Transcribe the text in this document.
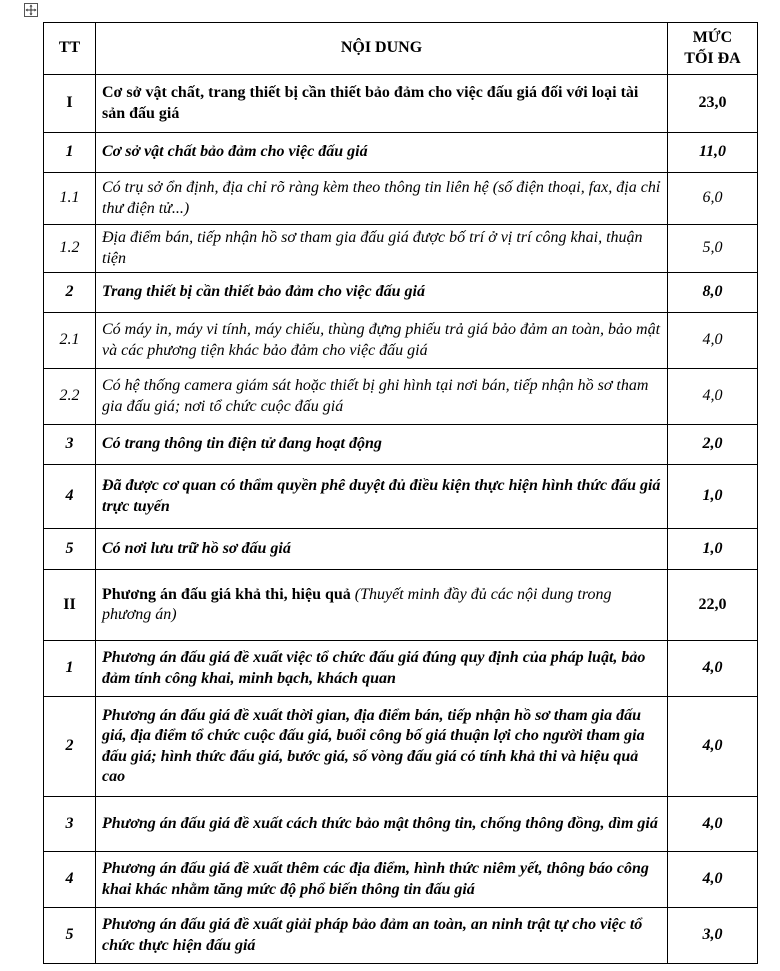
TT	NỘI DUNG	MỨC
TỐI ĐA

I	Cơ sở vật chất, trang thiết bị cần thiết bảo đảm cho việc đấu giá đối với loại tài sản đấu giá	23,0
1	Cơ sở vật chất bảo đảm cho việc đấu giá	11,0
1.1	Có trụ sở ổn định, địa chỉ rõ ràng kèm theo thông tin liên hệ (số điện thoại, fax, địa chỉ thư điện tử...)	6,0
1.2	Địa điểm bán, tiếp nhận hồ sơ tham gia đấu giá được bố trí ở vị trí công khai, thuận tiện	5,0
2	Trang thiết bị cần thiết bảo đảm cho việc đấu giá	8,0
2.1	Có máy in, máy vi tính, máy chiếu, thùng đựng phiếu trả giá bảo đảm an toàn, bảo mật và các phương tiện khác bảo đảm cho việc đấu giá	4,0
2.2	Có hệ thống camera giám sát hoặc thiết bị ghi hình tại nơi bán, tiếp nhận hồ sơ tham gia đấu giá; nơi tổ chức cuộc đấu giá	4,0
3	Có trang thông tin điện tử đang hoạt động	2,0
4	Đã được cơ quan có thẩm quyền phê duyệt đủ điều kiện thực hiện hình thức đấu giá trực tuyến	1,0
5	Có nơi lưu trữ hồ sơ đấu giá	1,0
II	Phương án đấu giá khả thi, hiệu quả (Thuyết minh đầy đủ các nội dung trong phương án)	22,0
1	Phương án đấu giá đề xuất việc tổ chức đấu giá đúng quy định của pháp luật, bảo đảm tính công khai, minh bạch, khách quan	4,0
2	Phương án đấu giá đề xuất thời gian, địa điểm bán, tiếp nhận hồ sơ tham gia đấu giá, địa điểm tổ chức cuộc đấu giá, buổi công bố giá thuận lợi cho người tham gia đấu giá; hình thức đấu giá, bước giá, số vòng đấu giá có tính khả thi và hiệu quả cao	4,0
3	Phương án đấu giá đề xuất cách thức bảo mật thông tin, chống thông đồng, dìm giá	4,0
4	Phương án đấu giá đề xuất thêm các địa điểm, hình thức niêm yết, thông báo công khai khác nhằm tăng mức độ phổ biến thông tin đấu giá	4,0
5	Phương án đấu giá đề xuất giải pháp bảo đảm an toàn, an ninh trật tự cho việc tổ chức thực hiện đấu giá	3,0
